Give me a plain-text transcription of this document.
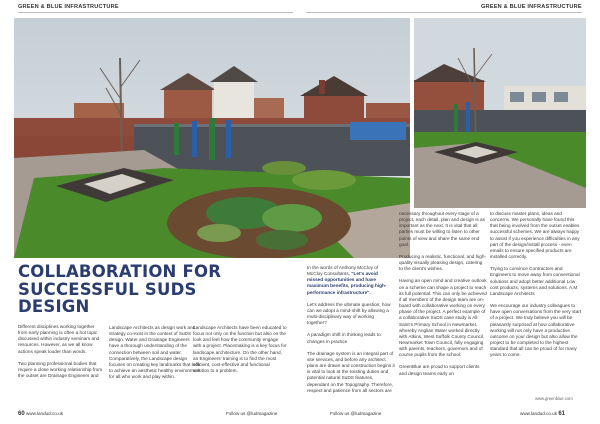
GREEN & BLUE INFRASTRUCTURE	GREEN & BLUE INFRASTRUCTURE
COLLABORATION FOR
SUCCESSFUL SUDS
DESIGN

Different disciplines working together from early planning is often a hot topic discussed within industry seminars and resources. However, as we all know actions speak louder than words.

Two planning professional bodies that require a close working relationship from the outset are Drainage Engineers and

Landscape Architects as design work and strategy co-exist in the context of SuDS design. Water and Drainage Engineers have a thorough understanding of the connection between soil and water. Comparatively, the Landscape design focuses on creating key landmarks that look to achieve an aesthetic healthy environment for all who work and play within.

Landscape Architects have been educated to focus not only on the function but also on the look and feel how the community engage with a project. Placemaking is a key focus for landscape architecture. On the other hand, an Engineers' training is to find the most efficient, cost-effective and functional solution to a problem.

In the words of Anthony McCloy of McCloy Consultants, "Let's avoid missed opportunities and have maximum benefits, producing high-performance infrastructure".

Let's address the ultimate question; how can we adopt a mind-shift by allowing a multi-disciplinary way of working together?

A paradigm shift in thinking leads to changes in practice

The drainage system is an integral part of site services, and before any architect plans are drawn and construction begins it is vital to look at the existing duties and potential natural SuDS features, dependant on the Topography. Therefore, respect and patience from all sectors are

necessary throughout every stage of a project, each detail, plan and design is as important as the next. It is vital that all parties must be willing to listen to other points of view and share the same end goal.

Producing a realistic, functional, and high-quality visually pleasing design, catering to the client's wishes.

Having an open mind and creative outlook on a scheme can shape a project to reach its full potential. This can only be achieved if all members of the design team are on-board with collaborative working on every phase of the project. A perfect example of a collaborative SuDS case study is All Saint's Primary School in Newmarket, whereby Anglian Water worked directly with Atkins, West Suffolk County Council, Newmarket Town Council, fully engaging with parents, teachers, governors and of course pupils from the school.

GreenBlue are proud to support clients and design teams early on

to discuss master plans, ideas and concerns. We personally have found this that being involved from the outset enables successful schemes. We are always happy to assist if you experience difficulties in any part of the design/install process - even emails to ensure specified products are installed correctly.

Trying to convince Contractors and Engineers to move away from conventional solutions and adopt better additional Low cost products, systems and solutions. A.M Landscape Architects

We encourage our industry colleagues to have open conversations from the very start of a project. We truly believe you will be pleasantly surprised at how collaborative working will not only have a productive outcome on your design but also allow the project to be completed to the highest standard that all can be proud of for many years to come.

www.greenblue.com
60 www.landud.co.uk	Follow us @ludmagazine	Follow us @ludmagazine	www.landud.co.uk 61
